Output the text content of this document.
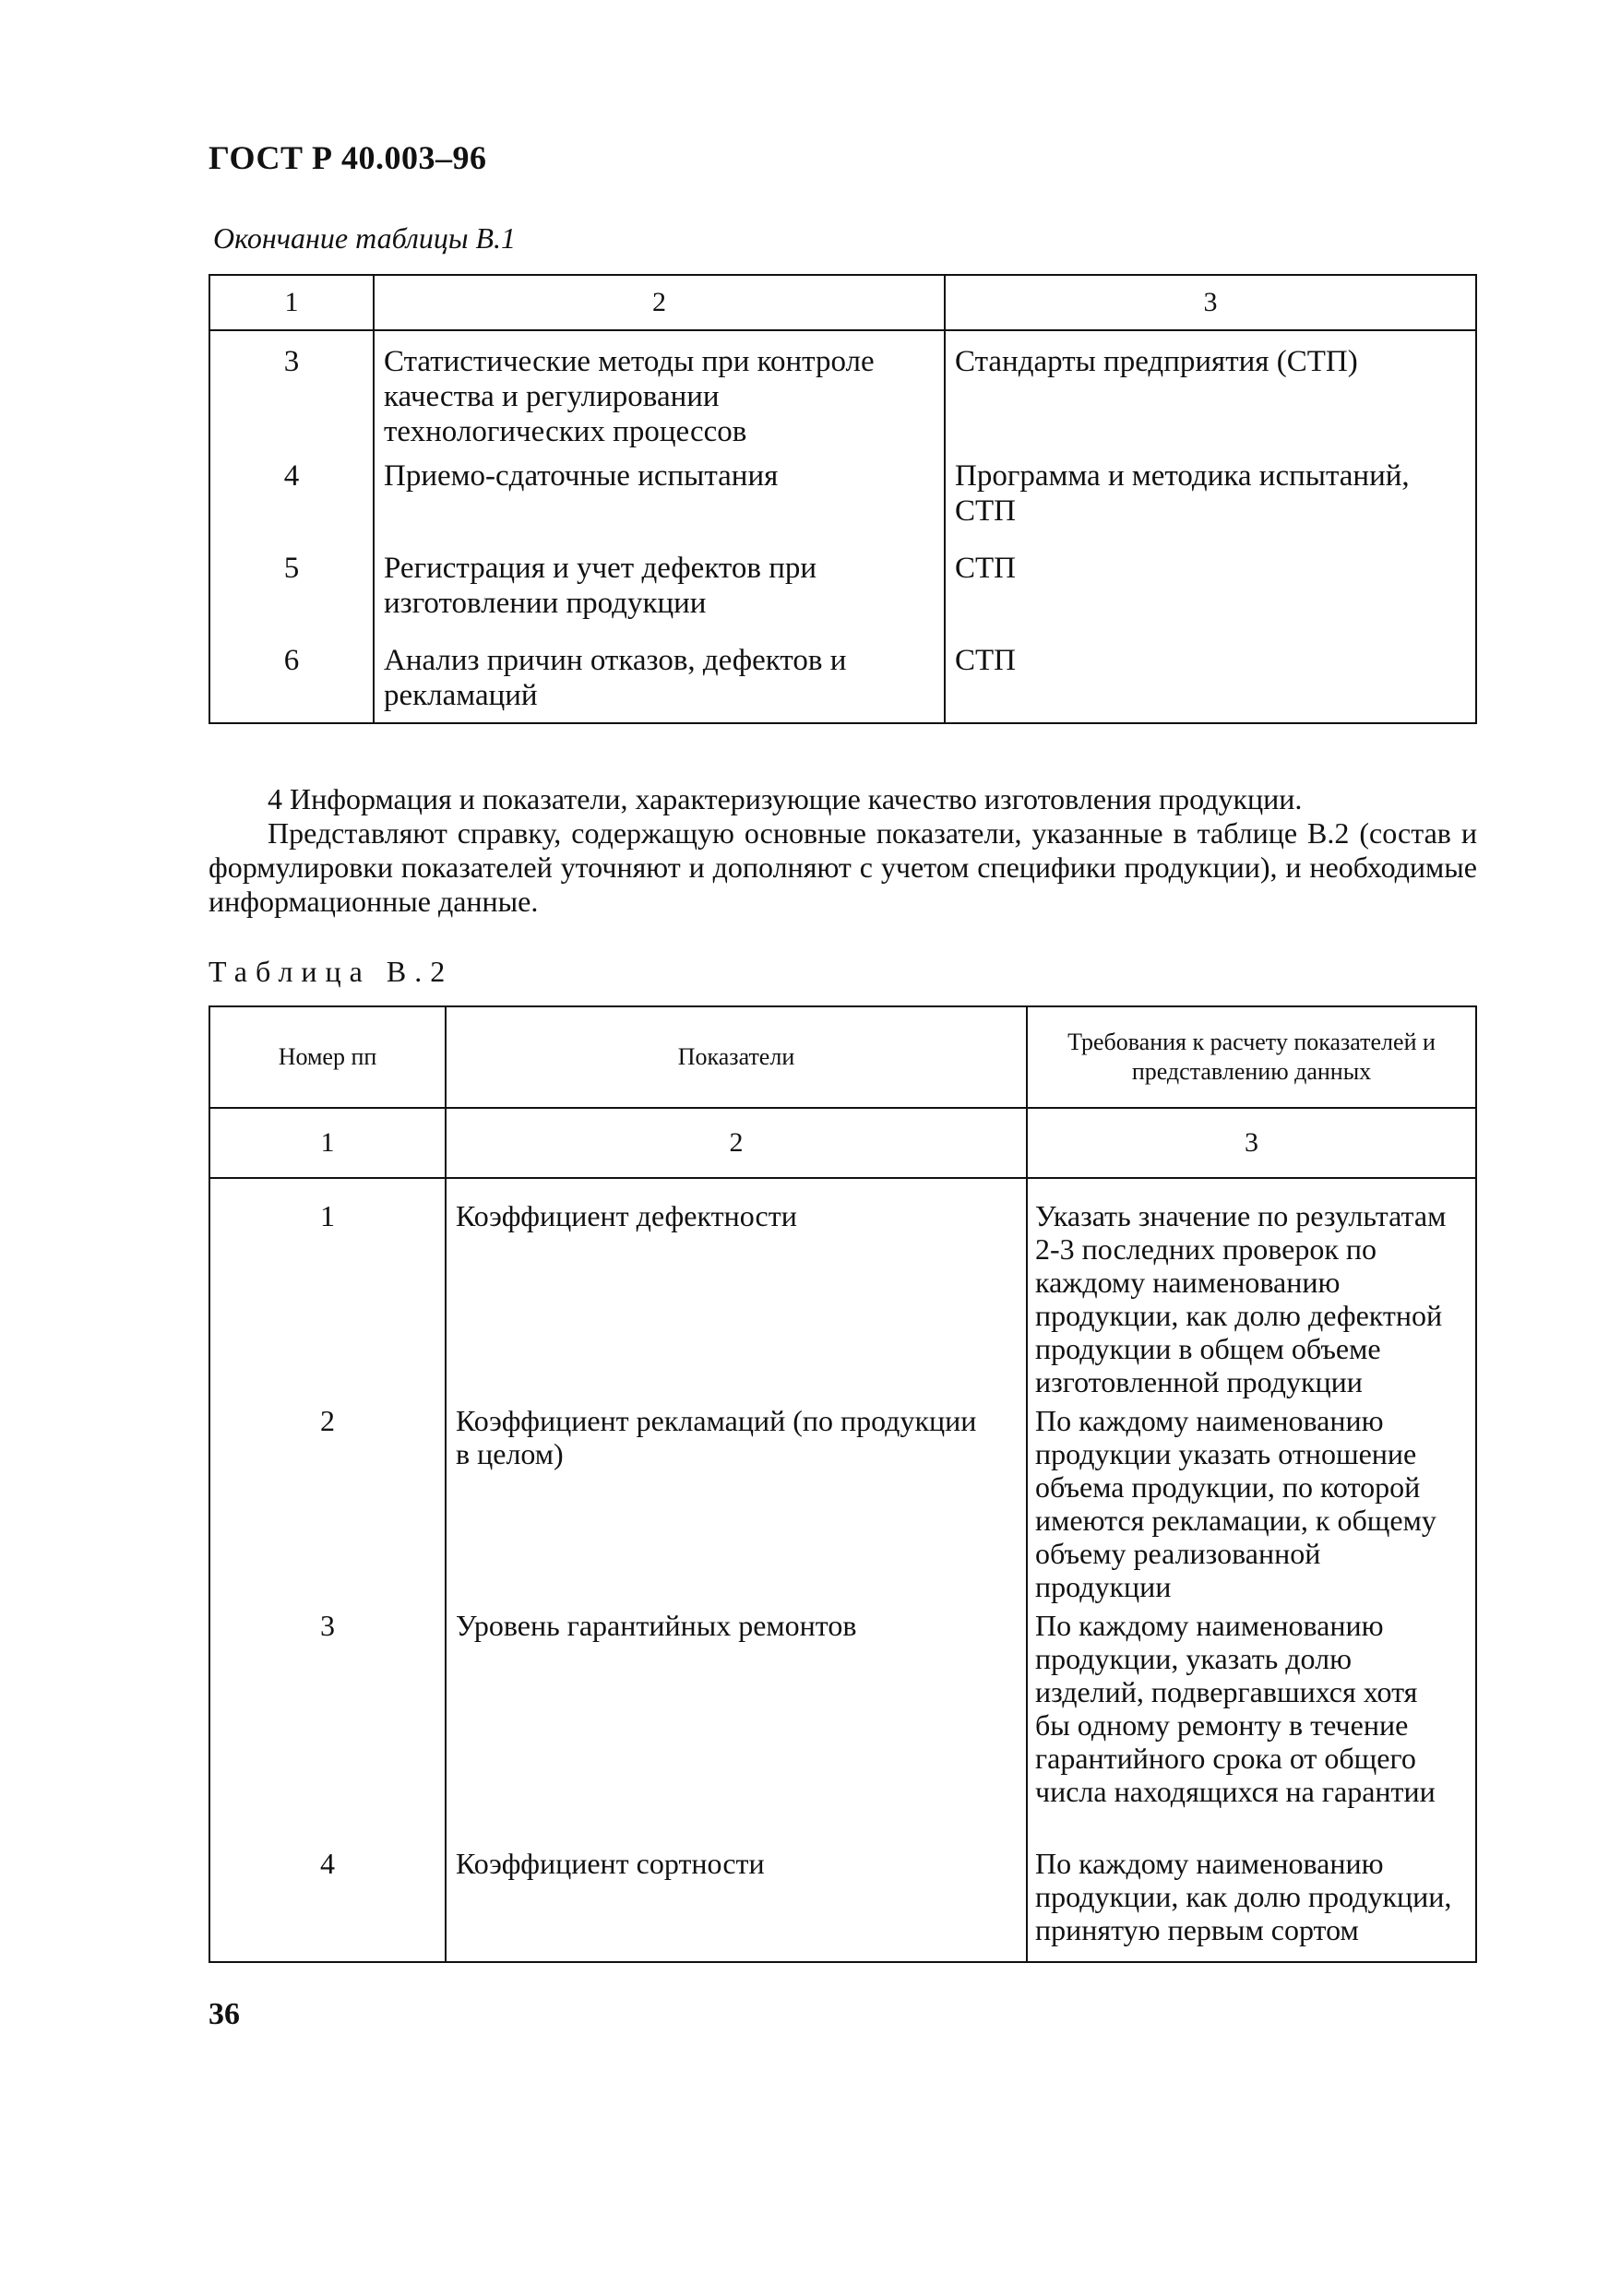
ГОСТ Р 40.003–96
Окончание таблицы В.1
1	2	3
3	Статистические методы при контроле качества и регулировании технологических процессов	Стандарты предприятия (СТП)
4	Приемо-сдаточные испытания	Программа и методика испытаний, СТП
5	Регистрация и учет дефектов при изготовлении продукции	СТП
6	Анализ причин отказов, дефектов и рекламаций	СТП

4 Информация и показатели, характеризующие качество изготовления продукции.

Представляют справку, содержащую основные показатели, указанные в таблице В.2 (состав и формулировки показателей уточняют и дополняют с учетом специфики продукции), и необходимые информационные данные.

Таблица В.2
Номер пп	Показатели	Требования к расчету показателей и представлению данных
1	2	3
1	Коэффициент дефектности	Указать значение по результатам 2-3 последних проверок по каждому наименованию продукции, как долю дефектной продукции в общем объеме изготовленной продукции
2	Коэффициент рекламаций (по продукции в целом)	По каждому наименованию продукции указать отношение объема продукции, по которой имеются рекламации, к общему объему реализованной продукции
3	Уровень гарантийных ремонтов	По каждому наименованию продукции, указать долю изделий, подвергавшихся хотя бы одному ремонту в течение гарантийного срока от общего числа находящихся на гарантии
4	Коэффициент сортности	По каждому наименованию продукции, как долю продукции, принятую первым сортом
36
